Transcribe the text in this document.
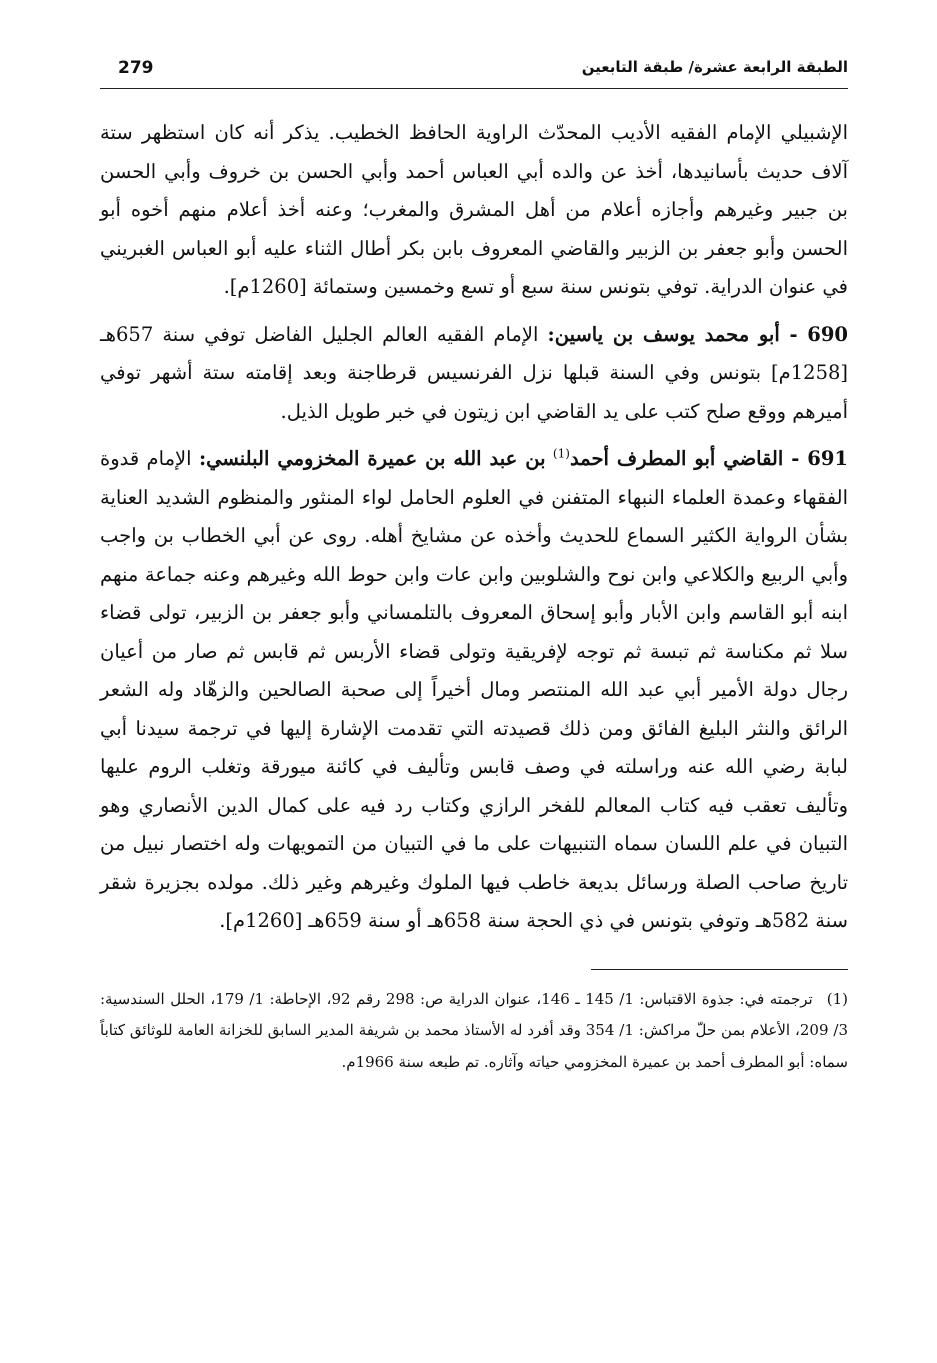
279	الطبقة الرابعة عشرة/ طبقة التابعين

الإشبيلي الإمام الفقيه الأديب المحدّث الراوية الحافظ الخطيب. يذكر أنه كان استظهر ستة آلاف حديث بأسانيدها، أخذ عن والده أبي العباس أحمد وأبي الحسن بن خروف وأبي الحسن بن جبير وغيرهم وأجازه أعلام من أهل المشرق والمغرب؛ وعنه أخذ أعلام منهم أخوه أبو الحسن وأبو جعفر بن الزبير والقاضي المعروف بابن بكر أطال الثناء عليه أبو العباس الغبريني في عنوان الدراية. توفي بتونس سنة سبع أو تسع وخمسين وستمائة [1260م].

690 - أبو محمد يوسف بن ياسين: الإمام الفقيه العالم الجليل الفاضل توفي سنة 657هـ [1258م] بتونس وفي السنة قبلها نزل الفرنسيس قرطاجنة وبعد إقامته ستة أشهر توفي أميرهم ووقع صلح كتب على يد القاضي ابن زيتون في خبر طويل الذيل.

691 - القاضي أبو المطرف أحمد$^{(1)}$ بن عبد الله بن عميرة المخزومي البلنسي: الإمام قدوة الفقهاء وعمدة العلماء النبهاء المتفنن في العلوم الحامل لواء المنثور والمنظوم الشديد العناية بشأن الرواية الكثير السماع للحديث وأخذه عن مشايخ أهله. روى عن أبي الخطاب بن واجب وأبي الربيع والكلاعي وابن نوح والشلوبين وابن عات وابن حوط الله وغيرهم وعنه جماعة منهم ابنه أبو القاسم وابن الأبار وأبو إسحاق المعروف بالتلمساني وأبو جعفر بن الزبير، تولى قضاء سلا ثم مكناسة ثم تبسة ثم توجه لإفريقية وتولى قضاء الأربس ثم قابس ثم صار من أعيان رجال دولة الأمير أبي عبد الله المنتصر ومال أخيراً إلى صحبة الصالحين والزهّاد وله الشعر الرائق والنثر البليغ الفائق ومن ذلك قصيدته التي تقدمت الإشارة إليها في ترجمة سيدنا أبي لبابة رضي الله عنه وراسلته في وصف قابس وتأليف في كائنة ميورقة وتغلب الروم عليها وتأليف تعقب فيه كتاب المعالم للفخر الرازي وكتاب رد فيه على كمال الدين الأنصاري وهو التبيان في علم اللسان سماه التنبيهات على ما في التبيان من التمويهات وله اختصار نبيل من تاريخ صاحب الصلة ورسائل بديعة خاطب فيها الملوك وغيرهم وغير ذلك. مولده بجزيرة شقر سنة 582هـ وتوفي بتونس في ذي الحجة سنة 658هـ أو سنة 659هـ [1260م].

(1)ترجمته في: جذوة الاقتباس: 1/ 145 ـ 146، عنوان الدراية ص: 298 رقم 92، الإحاطة: 1/ 179، الحلل السندسية: 3/ 209، الأعلام بمن حلّ مراكش: 1/ 354 وقد أفرد له الأستاذ محمد بن شريفة المدير السابق للخزانة العامة للوثائق كتاباً سماه: أبو المطرف أحمد بن عميرة المخزومي حياته وآثاره. تم طبعه سنة 1966م.
